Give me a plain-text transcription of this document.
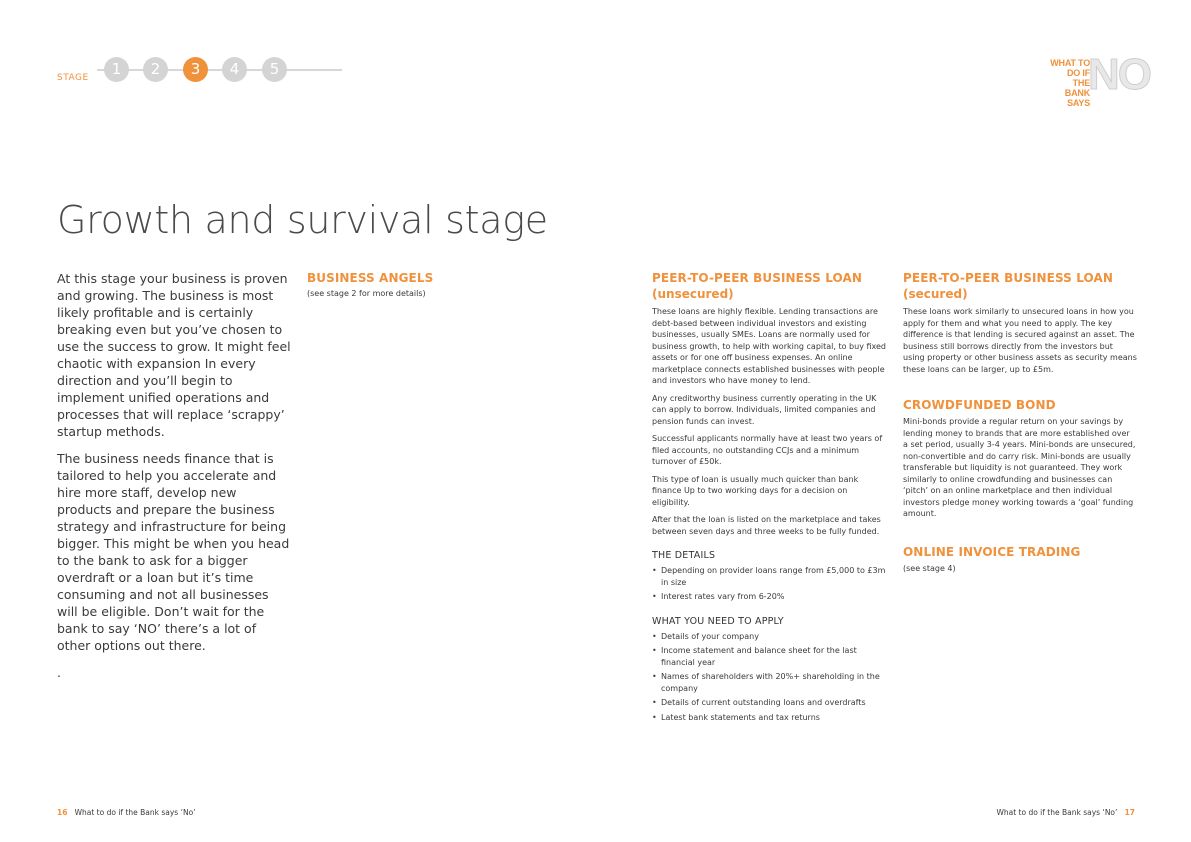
STAGE	1	2	3	4	5	NO
WHAT TO
DO IF
THE BANK
SAYS
Growth and survival stage

At this stage your business is proven and growing. The business is most likely profitable and is certainly breaking even but you’ve chosen to use the success to grow. It might feel chaotic with expansion In every direction and you’ll begin to implement unified operations and processes that will replace ‘scrappy’ startup methods.

The business needs finance that is tailored to help you accelerate and hire more staff, develop new products and prepare the business strategy and infrastructure for being bigger. This might be when you head to the bank to ask for a bigger overdraft or a loan but it’s time consuming and not all businesses will be eligible. Don’t wait for the bank to say ‘NO’ there’s a lot of other options out there.

.

BUSINESS ANGELS
(see stage 2 for more details)
PEER-TO-PEER BUSINESS LOAN
(unsecured)

These loans are highly flexible. Lending transactions are debt-based between individual investors and existing businesses, usually SMEs. Loans are normally used for business growth, to help with working capital, to buy fixed assets or for one off business expenses. An online marketplace connects established businesses with people and investors who have money to lend.

Any creditworthy business currently operating in the UK can apply to borrow. Individuals, limited companies and pension funds can invest.

Successful applicants normally have at least two years of filed accounts, no outstanding CCJs and a minimum turnover of £50k.

This type of loan is usually much quicker than bank finance Up to two working days for a decision on eligibility.

After that the loan is listed on the marketplace and takes between seven days and three weeks to be fully funded.

THE DETAILS
• Depending on provider loans range from £5,000 to £3m in size
• Interest rates vary from 6-20%
WHAT YOU NEED TO APPLY
• Details of your company
• Income statement and balance sheet for the last financial year
• Names of shareholders with 20%+ shareholding in the company
• Details of current outstanding loans and overdrafts
• Latest bank statements and tax returns
PEER-TO-PEER BUSINESS LOAN
(secured)

These loans work similarly to unsecured loans in how you apply for them and what you need to apply. The key difference is that lending is secured against an asset. The business still borrows directly from the investors but using property or other business assets as security means these loans can be larger, up to £5m.

CROWDFUNDED BOND

Mini-bonds provide a regular return on your savings by lending money to brands that are more established over a set period, usually 3-4 years. Mini-bonds are unsecured, non-convertible and do carry risk. Mini-bonds are usually transferable but liquidity is not guaranteed. They work similarly to online crowdfunding and businesses can ‘pitch’ on an online marketplace and then individual investors pledge money working towards a ‘goal’ funding amount.

ONLINE INVOICE TRADING
(see stage 4)
16 What to do if the Bank says ‘No’	What to do if the Bank says ‘No’ 17
